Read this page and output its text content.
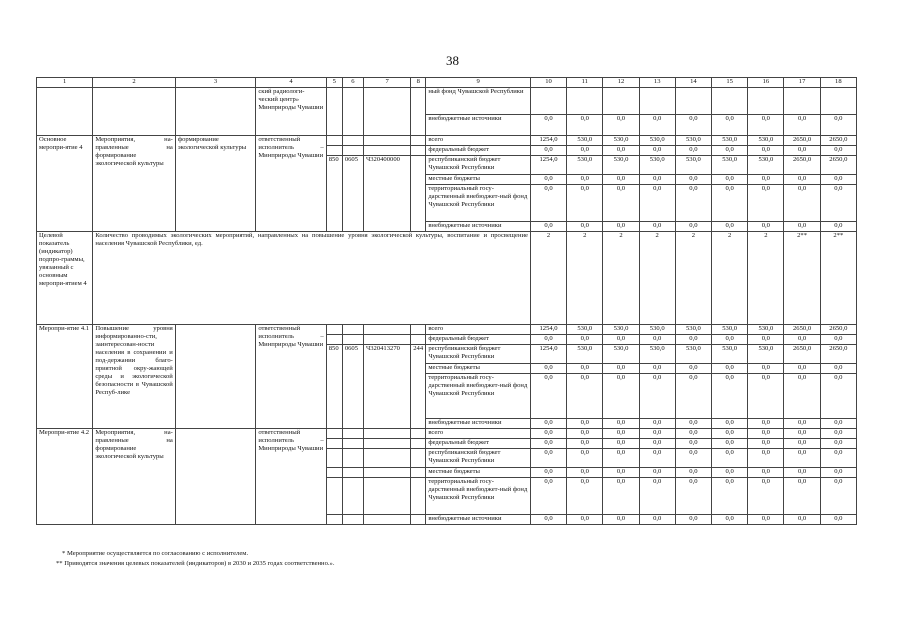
38
1	2	3	4	5	6	7	8	9	10	11	12	13	14	15	16	17	18
			ский радиологи-ческий центр» Минприроды Чувашии					ный фонд Чувашской Республики									
								внебюджетные источники	0,0	0,0	0,0	0,0	0,0	0,0	0,0	0,0	0,0
Основное меропри-ятие 4	Мероприятия, на-правленные на формирование экологической культуры	формирование экологической культуры	ответственный исполнитель – Минприроды Чувашии					всего	1254,0	530,0	530,0	530,0	530,0	530,0	530,0	2650,0	2650,0
								федеральный бюджет	0,0	0,0	0,0	0,0	0,0	0,0	0,0	0,0	0,0
				850	0605	Ч320400000		республиканский бюджет Чувашской Республики	1254,0	530,0	530,0	530,0	530,0	530,0	530,0	2650,0	2650,0
								местные бюджеты	0,0	0,0	0,0	0,0	0,0	0,0	0,0	0,0	0,0
								территориальный госу-дарственный внебюджет-ный фонд Чувашской Республики	0,0	0,0	0,0	0,0	0,0	0,0	0,0	0,0	0,0
								внебюджетные источники	0,0	0,0	0,0	0,0	0,0	0,0	0,0	0,0	0,0
Целевой показатель (индикатор) подпро-граммы, увязанный с основным меропри-ятием 4	Количество проводимых экологических мероприятий, направленных на повышение уровня экологической культуры, воспитание и просвещение населения Чувашской Республики, ед.								2	2	2	2	2	2	2	2**	2**
Меропри-ятие 4.1	Повышение уровня информированно-сти, заинтересован-ности населения в сохранении и под-держании благо-приятной окру-жающей среды и экологической безопасности в Чувашской Респуб-лике		ответственный исполнитель – Минприроды Чувашии					всего	1254,0	530,0	530,0	530,0	530,0	530,0	530,0	2650,0	2650,0
								федеральный бюджет	0,0	0,0	0,0	0,0	0,0	0,0	0,0	0,0	0,0
				850	0605	Ч320413270	244	республиканский бюджет Чувашской Республики	1254,0	530,0	530,0	530,0	530,0	530,0	530,0	2650,0	2650,0
								местные бюджеты	0,0	0,0	0,0	0,0	0,0	0,0	0,0	0,0	0,0
								территориальный госу-дарственный внебюджет-ный фонд Чувашской Республики	0,0	0,0	0,0	0,0	0,0	0,0	0,0	0,0	0,0
								внебюджетные источники	0,0	0,0	0,0	0,0	0,0	0,0	0,0	0,0	0,0
Меропри-ятие 4.2	Мероприятия, на-правленные на формирование экологической культуры		ответственный исполнитель – Минприроды Чувашии					всего	0,0	0,0	0,0	0,0	0,0	0,0	0,0	0,0	0,0
								федеральный бюджет	0,0	0,0	0,0	0,0	0,0	0,0	0,0	0,0	0,0
								республиканский бюджет Чувашской Республики	0,0	0,0	0,0	0,0	0,0	0,0	0,0	0,0	0,0
								местные бюджеты	0,0	0,0	0,0	0,0	0,0	0,0	0,0	0,0	0,0
								территориальный госу-дарственный внебюджет-ный фонд Чувашской Республики	0,0	0,0	0,0	0,0	0,0	0,0	0,0	0,0	0,0
								внебюджетные источники	0,0	0,0	0,0	0,0	0,0	0,0	0,0	0,0	0,0
* Мероприятие осуществляется по согласованию с исполнителем.
** Приводятся значения целевых показателей (индикаторов) в 2030 и 2035 годах соответственно.».
